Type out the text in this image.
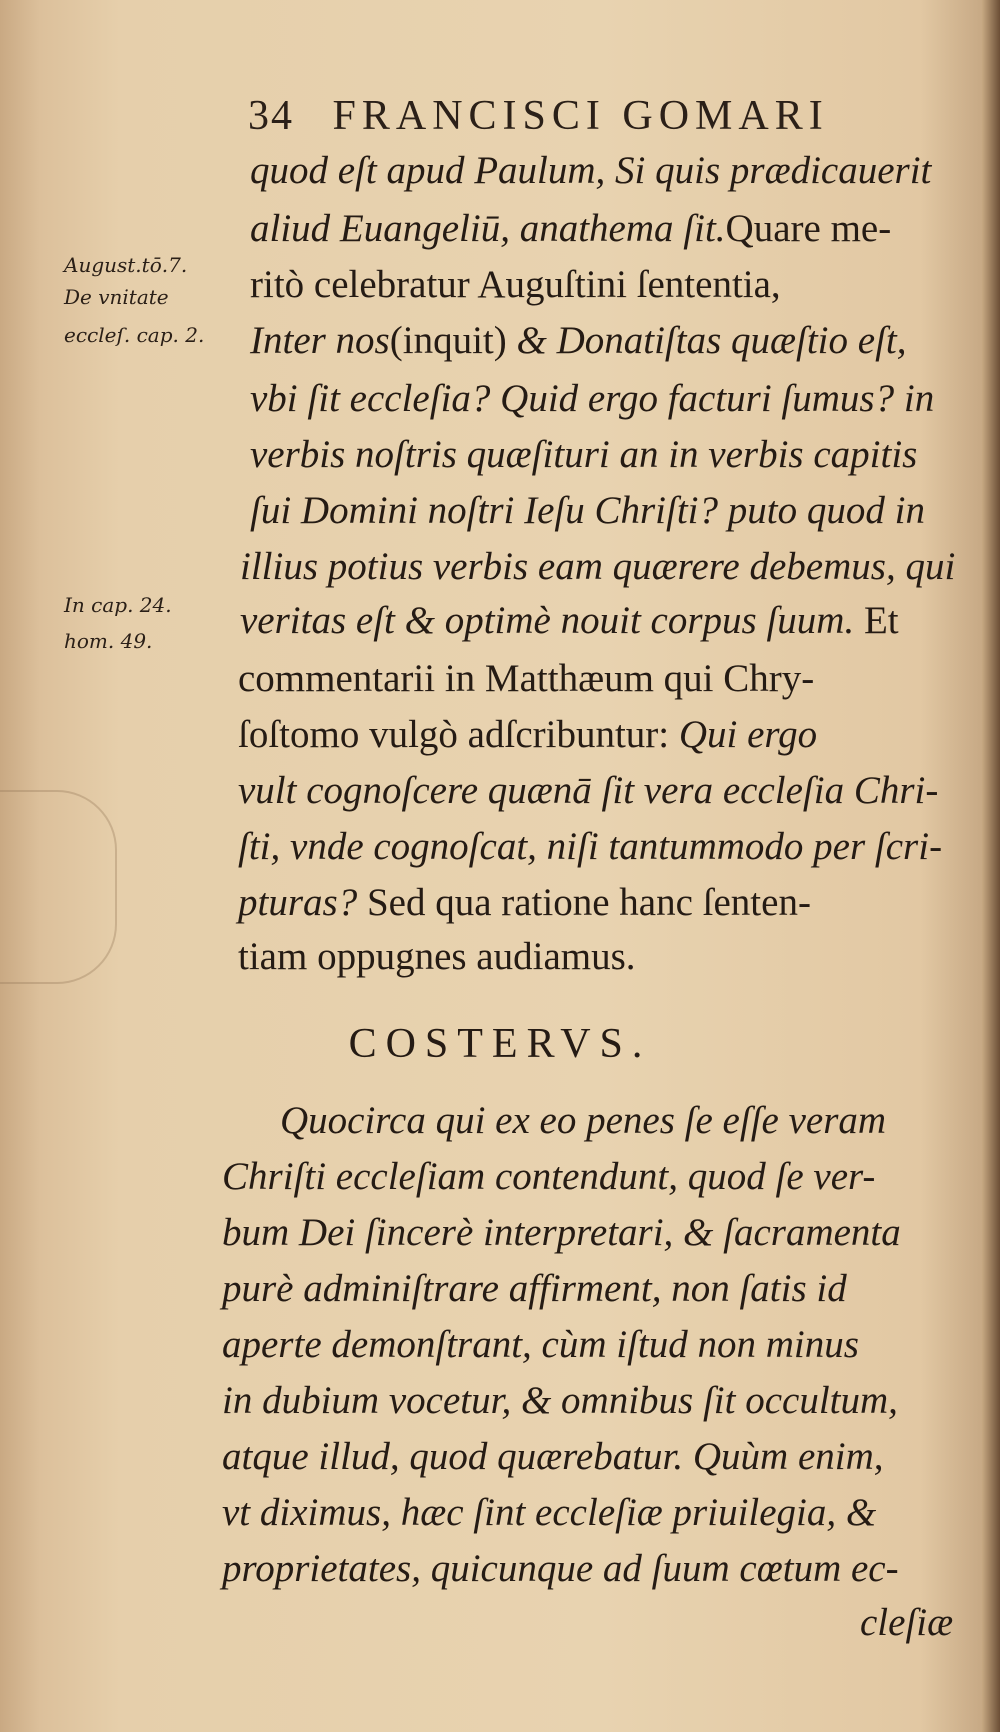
34 FRANCISCI GOMARI
August.tō.7.
De vnitate
eccleſ. cap. 2.
In cap. 24.
hom. 49.
quod eſt apud Paulum, Si quis prædicauerit
aliud Euangeliū, anathema ſit.Quare me-
ritò celebratur Auguſtini ſententia,
Inter nos(inquit) & Donatiſtas quæſtio eſt,
vbi ſit eccleſia? Quid ergo facturi ſumus? in
verbis noſtris quæſituri an in verbis capitis
ſui Domini noſtri Ieſu Chriſti? puto quod in
illius potius verbis eam quærere debemus, qui
veritas eſt & optimè nouit corpus ſuum. Et
commentarii in Matthæum qui Chry-
ſoſtomo vulgò adſcribuntur: Qui ergo
vult cognoſcere quænā ſit vera eccleſia Chri-
ſti, vnde cognoſcat, niſi tantummodo per ſcri-
pturas? Sed qua ratione hanc ſenten-
tiam oppugnes audiamus.
COSTERVS.
Quocirca qui ex eo penes ſe eſſe veram
Chriſti eccleſiam contendunt, quod ſe ver-
bum Dei ſincerè interpretari, & ſacramenta
purè adminiſtrare affirment, non ſatis id
aperte demonſtrant, cùm iſtud non minus
in dubium vocetur, & omnibus ſit occultum,
atque illud, quod quærebatur. Quùm enim,
vt diximus, hæc ſint eccleſiæ priuilegia, &
proprietates, quicunque ad ſuum cœtum ec-
cleſiæ
